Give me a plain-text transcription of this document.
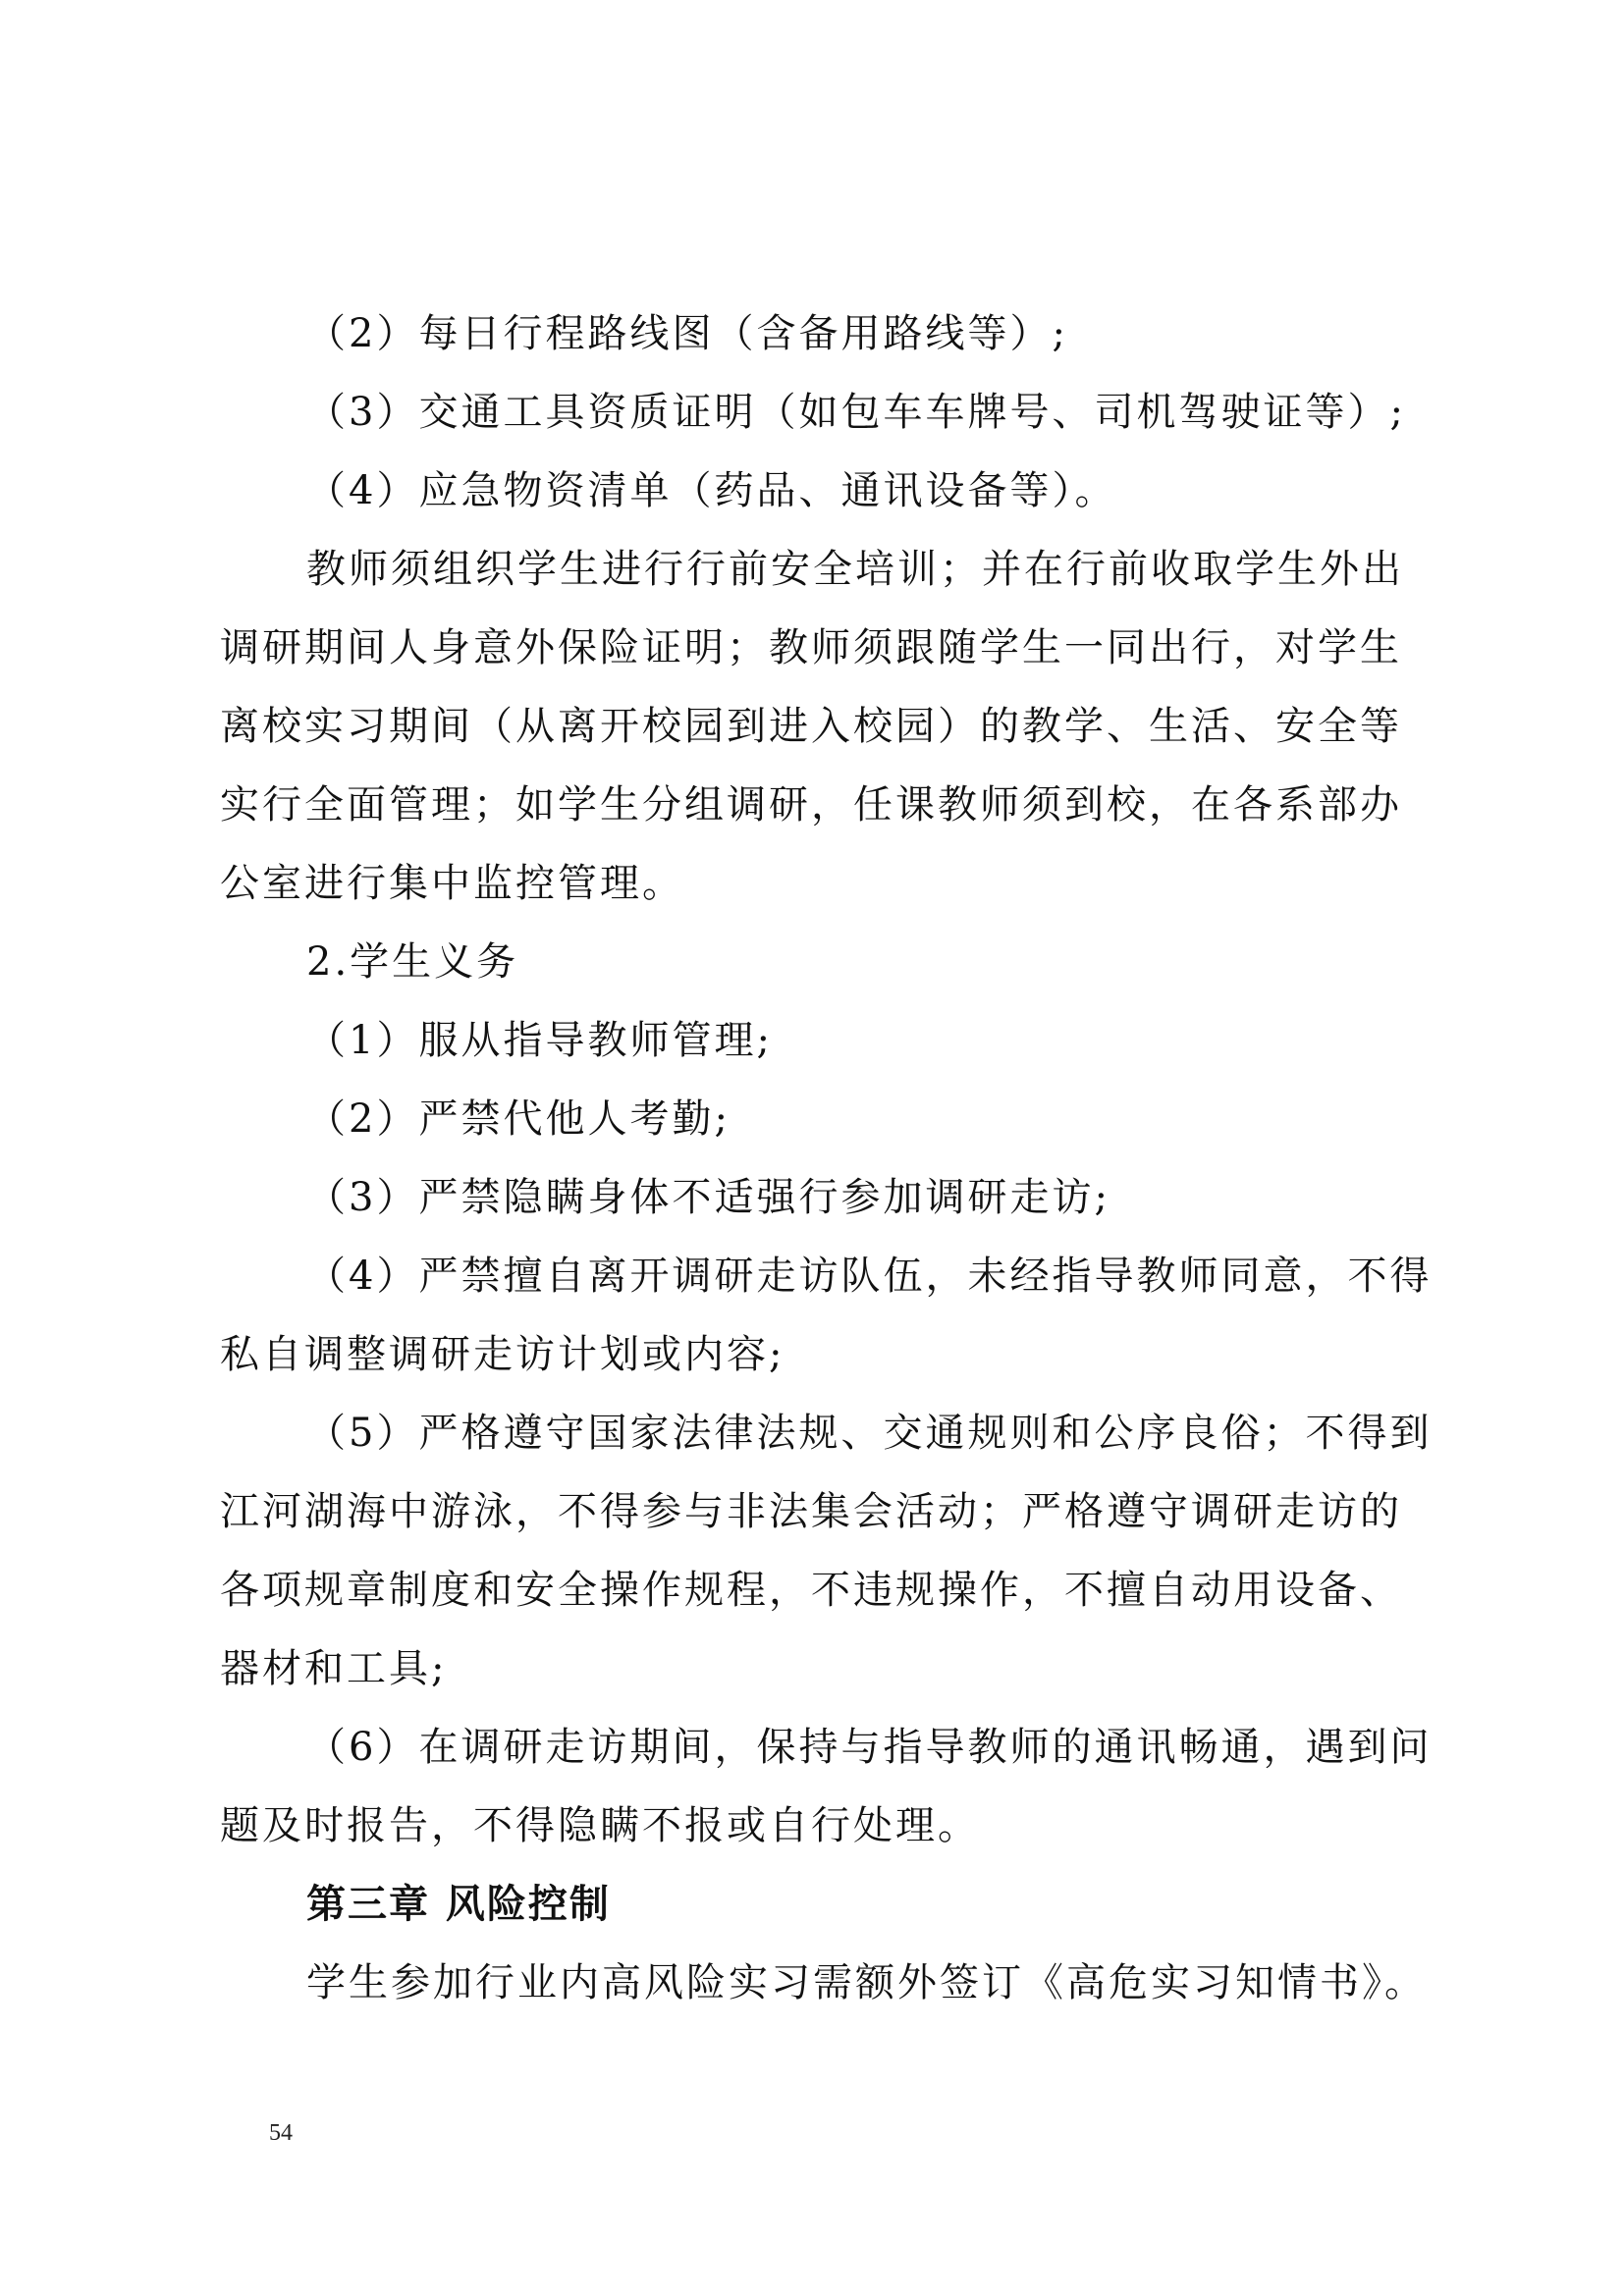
（2）每日行程路线图（含备用路线等）;
（3）交通工具资质证明（如包车车牌号、司机驾驶证等）;
（4）应急物资清单（药品、通讯设备等）。
教师须组织学生进行行前安全培训；并在行前收取学生外出
调研期间人身意外保险证明；教师须跟随学生一同出行，对学生
离校实习期间（从离开校园到进入校园）的教学、生活、安全等
实行全面管理；如学生分组调研，任课教师须到校，在各系部办
公室进行集中监控管理。
2.学生义务
（1）服从指导教师管理;
（2）严禁代他人考勤;
（3）严禁隐瞒身体不适强行参加调研走访;
（4）严禁擅自离开调研走访队伍，未经指导教师同意，不得
私自调整调研走访计划或内容;
（5）严格遵守国家法律法规、交通规则和公序良俗；不得到
江河湖海中游泳，不得参与非法集会活动；严格遵守调研走访的
各项规章制度和安全操作规程，不违规操作，不擅自动用设备、
器材和工具;
（6）在调研走访期间，保持与指导教师的通讯畅通，遇到问
题及时报告，不得隐瞒不报或自行处理。
第三章 风险控制
学生参加行业内高风险实习需额外签订《高危实习知情书》。
54
